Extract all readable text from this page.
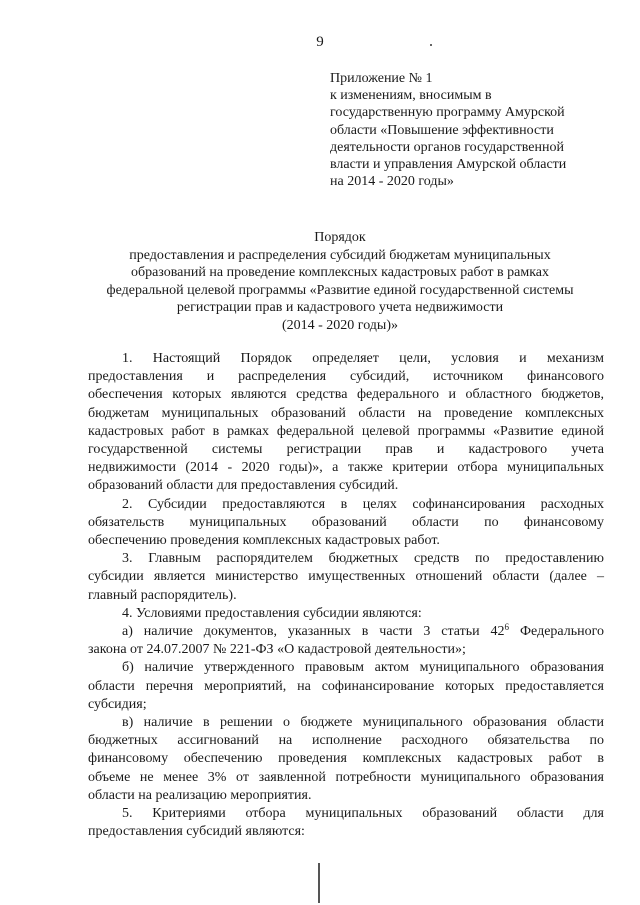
9
Приложение № 1
к изменениям, вносимым в
государственную программу Амурской
области «Повышение эффективности
деятельности органов государственной
власти и управления Амурской области
на 2014 - 2020 годы»
Порядок
предоставления и распределения субсидий бюджетам муниципальных
образований на проведение комплексных кадастровых работ в рамках
федеральной целевой программы «Развитие единой государственной системы
регистрации прав и кадастрового учета недвижимости
(2014 - 2020 годы)»
1. Настоящий Порядок определяет цели, условия и механизм
предоставления и распределения субсидий, источником финансового
обеспечения которых являются средства федерального и областного бюджетов,
бюджетам муниципальных образований области на проведение комплексных
кадастровых работ в рамках федеральной целевой программы «Развитие единой
государственной системы регистрации прав и кадастрового учета
недвижимости (2014 - 2020 годы)», а также критерии отбора муниципальных
образований области для предоставления субсидий.
2. Субсидии предоставляются в целях софинансирования расходных
обязательств муниципальных образований области по финансовому
обеспечению проведения комплексных кадастровых работ.
3. Главным распорядителем бюджетных средств по предоставлению
субсидии является министерство имущественных отношений области (далее –
главный распорядитель).
4. Условиями предоставления субсидии являются:
а) наличие документов, указанных в части 3 статьи $42^6$ Федерального
закона от 24.07.2007 № 221-ФЗ «О кадастровой деятельности»;
б) наличие утвержденного правовым актом муниципального образования
области перечня мероприятий, на софинансирование которых предоставляется
субсидия;
в) наличие в решении о бюджете муниципального образования области
бюджетных ассигнований на исполнение расходного обязательства по
финансовому обеспечению проведения комплексных кадастровых работ в
объеме не менее 3% от заявленной потребности муниципального образования
области на реализацию мероприятия.
5. Критериями отбора муниципальных образований области для
предоставления субсидий являются:
